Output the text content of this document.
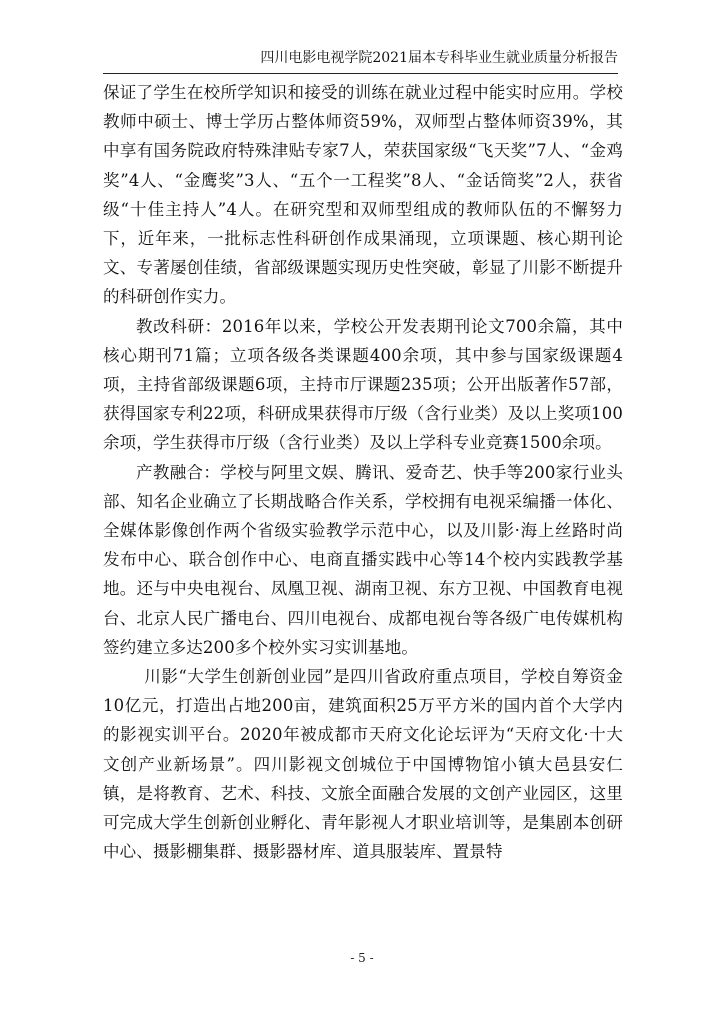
四川电影电视学院2021届本专科毕业生就业质量分析报告

保证了学生在校所学知识和接受的训练在就业过程中能实时应用。学校教师中硕士、博士学历占整体师资59%，双师型占整体师资39%，其中享有国务院政府特殊津贴专家7人，荣获国家级“飞天奖”7人、“金鸡奖”4人、“金鹰奖”3人、“五个一工程奖”8人、“金话筒奖”2人，获省级“十佳主持人”4人。在研究型和双师型组成的教师队伍的不懈努力下，近年来，一批标志性科研创作成果涌现，立项课题、核心期刊论文、专著屡创佳绩，省部级课题实现历史性突破，彰显了川影不断提升的科研创作实力。

教改科研：2016年以来，学校公开发表期刊论文700余篇，其中核心期刊71篇；立项各级各类课题400余项，其中参与国家级课题4项，主持省部级课题6项，主持市厅课题235项；公开出版著作57部，获得国家专利22项，科研成果获得市厅级（含行业类）及以上奖项100余项，学生获得市厅级（含行业类）及以上学科专业竞赛1500余项。

产教融合：学校与阿里文娱、腾讯、爱奇艺、快手等200家行业头部、知名企业确立了长期战略合作关系，学校拥有电视采编播一体化、全媒体影像创作两个省级实验教学示范中心，以及川影·海上丝路时尚发布中心、联合创作中心、电商直播实践中心等14个校内实践教学基地。还与中央电视台、凤凰卫视、湖南卫视、东方卫视、中国教育电视台、北京人民广播电台、四川电视台、成都电视台等各级广电传媒机构签约建立多达200多个校外实习实训基地。

川影“大学生创新创业园”是四川省政府重点项目，学校自筹资金10亿元，打造出占地200亩，建筑面积25万平方米的国内首个大学内的影视实训平台。2020年被成都市天府文化论坛评为“天府文化·十大文创产业新场景”。四川影视文创城位于中国博物馆小镇大邑县安仁镇，是将教育、艺术、科技、文旅全面融合发展的文创产业园区，这里可完成大学生创新创业孵化、青年影视人才职业培训等，是集剧本创研中心、摄影棚集群、摄影器材库、道具服装库、置景特

- 5 -
